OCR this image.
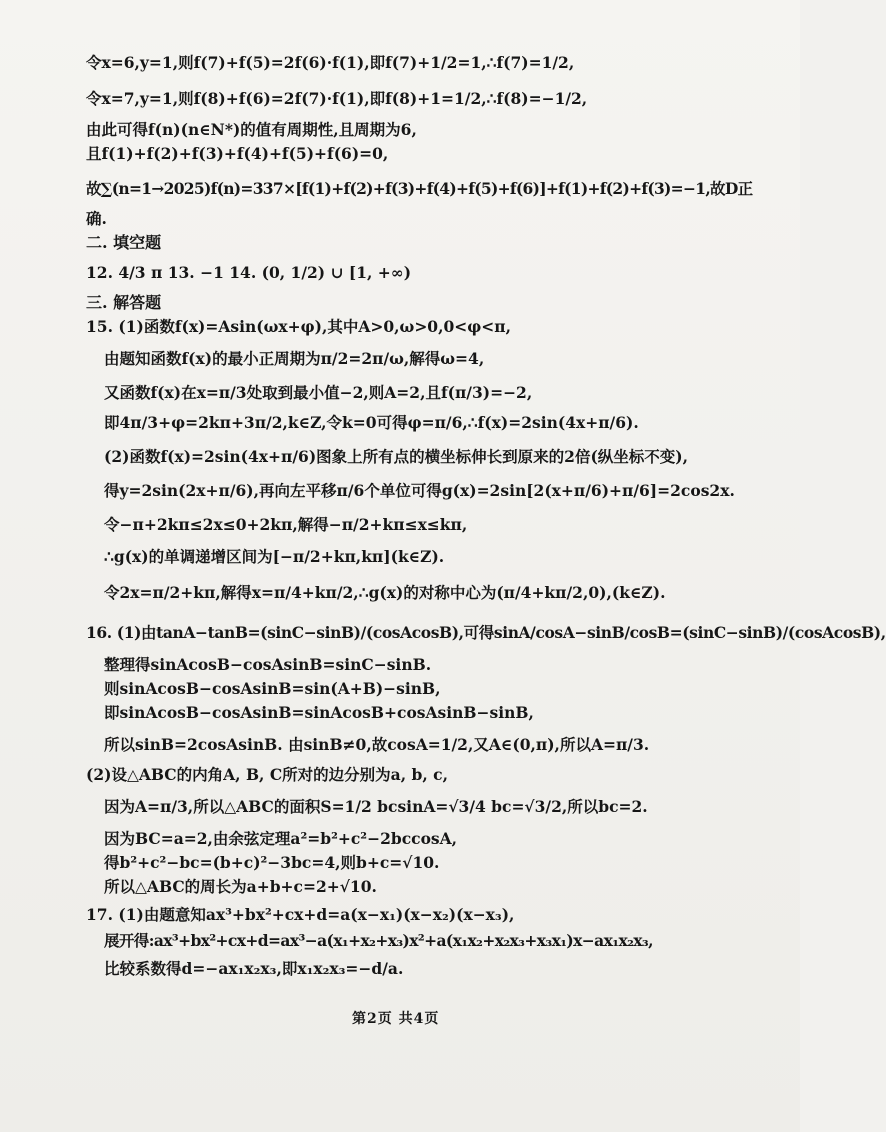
令x=6,y=1,则f(7)+f(5)=2f(6)·f(1),即f(7)+1/2=1,∴f(7)=1/2,
令x=7,y=1,则f(8)+f(6)=2f(7)·f(1),即f(8)+1=1/2,∴f(8)=−1/2,
由此可得f(n)(n∈N*)的值有周期性,且周期为6,
且f(1)+f(2)+f(3)+f(4)+f(5)+f(6)=0,
故∑(n=1→2025)f(n)=337×[f(1)+f(2)+f(3)+f(4)+f(5)+f(6)]+f(1)+f(2)+f(3)=−1,故D正
确.
二. 填空题
12. 4/3 π 13. −1 14. (0, 1/2) ∪ [1, +∞)
三. 解答题
15. (1)函数f(x)=Asin(ωx+φ),其中A>0,ω>0,0<φ<π,
由题知函数f(x)的最小正周期为π/2=2π/ω,解得ω=4,
又函数f(x)在x=π/3处取到最小值−2,则A=2,且f(π/3)=−2,
即4π/3+φ=2kπ+3π/2,k∈Z,令k=0可得φ=π/6,∴f(x)=2sin(4x+π/6).
(2)函数f(x)=2sin(4x+π/6)图象上所有点的横坐标伸长到原来的2倍(纵坐标不变),
得y=2sin(2x+π/6),再向左平移π/6个单位可得g(x)=2sin[2(x+π/6)+π/6]=2cos2x.
令−π+2kπ≤2x≤0+2kπ,解得−π/2+kπ≤x≤kπ,
∴g(x)的单调递增区间为[−π/2+kπ,kπ](k∈Z).
令2x=π/2+kπ,解得x=π/4+kπ/2,∴g(x)的对称中心为(π/4+kπ/2,0),(k∈Z).
16. (1)由tanA−tanB=(sinC−sinB)/(cosAcosB),可得sinA/cosA−sinB/cosB=(sinC−sinB)/(cosAcosB),
整理得sinAcosB−cosAsinB=sinC−sinB.
则sinAcosB−cosAsinB=sin(A+B)−sinB,
即sinAcosB−cosAsinB=sinAcosB+cosAsinB−sinB,
所以sinB=2cosAsinB. 由sinB≠0,故cosA=1/2,又A∈(0,π),所以A=π/3.
(2)设△ABC的内角A, B, C所对的边分别为a, b, c,
因为A=π/3,所以△ABC的面积S=1/2 bcsinA=√3/4 bc=√3/2,所以bc=2.
因为BC=a=2,由余弦定理a²=b²+c²−2bccosA,
得b²+c²−bc=(b+c)²−3bc=4,则b+c=√10.
所以△ABC的周长为a+b+c=2+√10.
17. (1)由题意知ax³+bx²+cx+d=a(x−x₁)(x−x₂)(x−x₃),
展开得:ax³+bx²+cx+d=ax³−a(x₁+x₂+x₃)x²+a(x₁x₂+x₂x₃+x₃x₁)x−ax₁x₂x₃,
比较系数得d=−ax₁x₂x₃,即x₁x₂x₃=−d/a.
第2页 共4页
